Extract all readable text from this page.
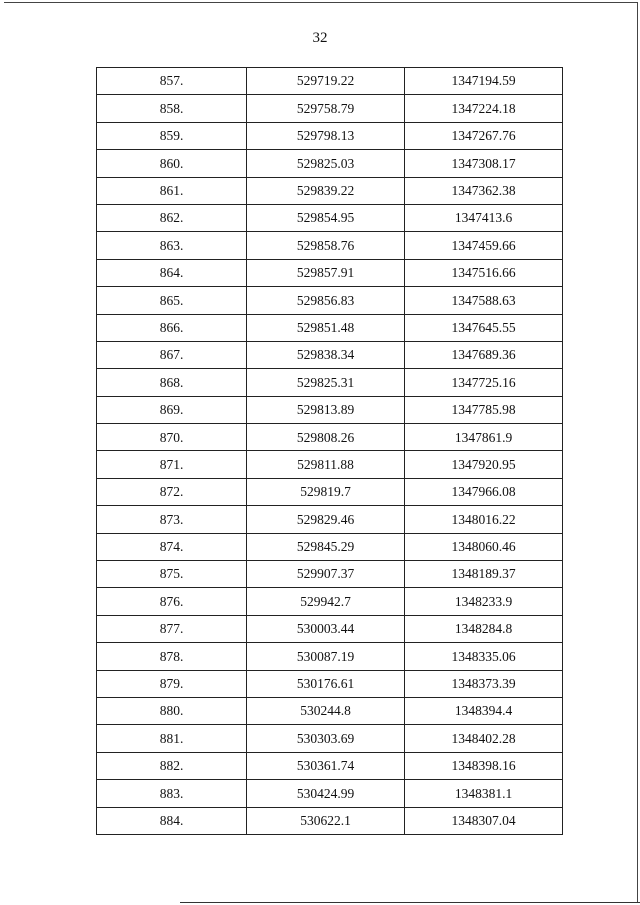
32
857.	529719.22	1347194.59
858.	529758.79	1347224.18
859.	529798.13	1347267.76
860.	529825.03	1347308.17
861.	529839.22	1347362.38
862.	529854.95	1347413.6
863.	529858.76	1347459.66
864.	529857.91	1347516.66
865.	529856.83	1347588.63
866.	529851.48	1347645.55
867.	529838.34	1347689.36
868.	529825.31	1347725.16
869.	529813.89	1347785.98
870.	529808.26	1347861.9
871.	529811.88	1347920.95
872.	529819.7	1347966.08
873.	529829.46	1348016.22
874.	529845.29	1348060.46
875.	529907.37	1348189.37
876.	529942.7	1348233.9
877.	530003.44	1348284.8
878.	530087.19	1348335.06
879.	530176.61	1348373.39
880.	530244.8	1348394.4
881.	530303.69	1348402.28
882.	530361.74	1348398.16
883.	530424.99	1348381.1
884.	530622.1	1348307.04
